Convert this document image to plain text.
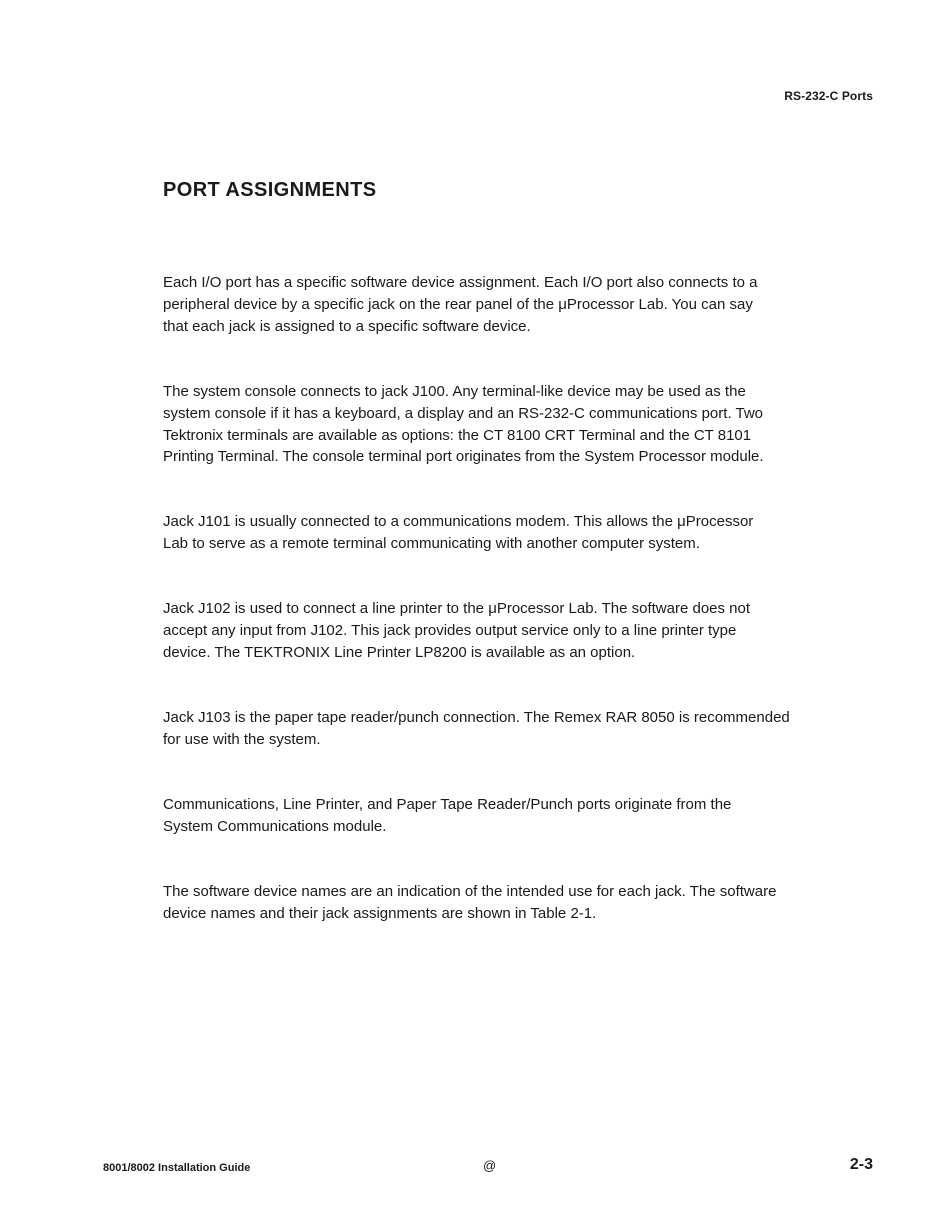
RS-232-C Ports
PORT ASSIGNMENTS

Each I/O port has a specific software device assignment. Each I/O port also connects to a
peripheral device by a specific jack on the rear panel of the μProcessor Lab. You can say
that each jack is assigned to a specific software device.

The system console connects to jack J100. Any terminal-like device may be used as the
system console if it has a keyboard, a display and an RS-232-C communications port. Two
Tektronix terminals are available as options: the CT 8100 CRT Terminal and the CT 8101
Printing Terminal. The console terminal port originates from the System Processor module.

Jack J101 is usually connected to a communications modem. This allows the μProcessor
Lab to serve as a remote terminal communicating with another computer system.

Jack J102 is used to connect a line printer to the μProcessor Lab. The software does not
accept any input from J102. This jack provides output service only to a line printer type
device. The TEKTRONIX Line Printer LP8200 is available as an option.

Jack J103 is the paper tape reader/punch connection. The Remex RAR 8050 is recommended
for use with the system.

Communications, Line Printer, and Paper Tape Reader/Punch ports originate from the
System Communications module.

The software device names are an indication of the intended use for each jack. The software
device names and their jack assignments are shown in Table 2-1.

8001/8002 Installation Guide	@	2-3
